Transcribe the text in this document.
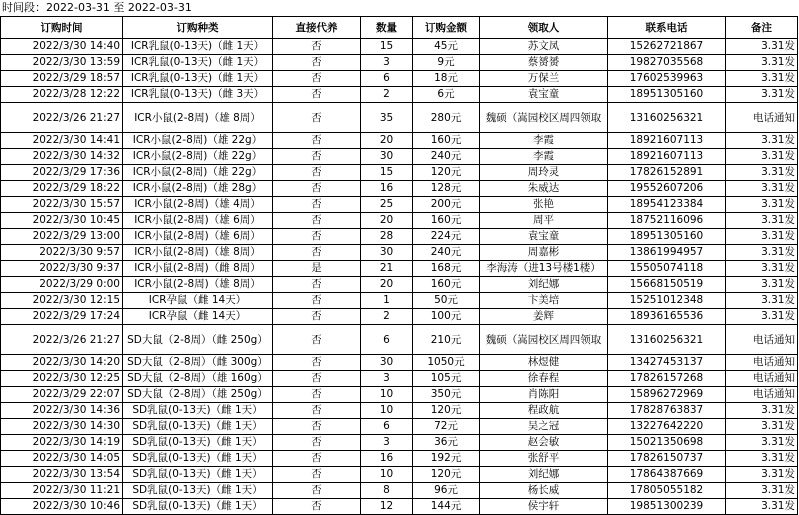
时间段：2022-03-31 至 2022-03-31
订购时间	订购种类	直接代养	数量	订购金额	领取人	联系电话	备注
2022/3/30 14:40	ICR乳鼠(0-13天)（雌 1天）	否	15	45元	苏文凤	15262721867	3.31发
2022/3/30 13:59	ICR乳鼠(0-13天)（雌 1天）	否	3	9元	蔡赟赟	19827035568	3.31发
2022/3/29 18:57	ICR乳鼠(0-13天)（雌 1天）	否	6	18元	万保兰	17602539963	3.31发
2022/3/28 12:22	ICR乳鼠(0-13天)（雌 3天）	否	2	6元	袁宝童	18951305160	3.31发
2022/3/26 21:27	ICR小鼠(2-8周)（雄 8周）	否	35	280元	魏硕（嵩园校区周四领取	13160256321	电话通知
2022/3/30 14:41	ICR小鼠(2-8周)（雄 22g）	否	20	160元	李霞	18921607113	3.31发
2022/3/30 14:32	ICR小鼠(2-8周)（雄 22g）	否	30	240元	李霞	18921607113	3.31发
2022/3/29 17:36	ICR小鼠(2-8周)（雄 22g）	否	15	120元	周玲灵	17826152891	3.31发
2022/3/29 18:22	ICR小鼠(2-8周)（雄 28g）	否	16	128元	朱威达	19552607206	3.31发
2022/3/30 15:57	ICR小鼠(2-8周)（雄 4周）	否	25	200元	张艳	18954123384	3.31发
2022/3/30 10:45	ICR小鼠(2-8周)（雄 6周）	否	20	160元	周平	18752116096	3.31发
2022/3/29 13:00	ICR小鼠(2-8周)（雄 6周）	否	28	224元	袁宝童	18951305160	3.31发
2022/3/30 9:57	ICR小鼠(2-8周)（雄 8周）	否	30	240元	周嘉彬	13861994957	3.31发
2022/3/30 9:37	ICR小鼠(2-8周)（雌 8周）	是	21	168元	李海涛（进13号楼1楼）	15505074118	3.31发
2022/3/29 0:00	ICR小鼠(2-8周)（雄 8周）	否	20	160元	刘纪娜	15668150519	3.31发
2022/3/30 12:15	ICR孕鼠（雌 14天）	否	1	50元	卞美培	15251012348	3.31发
2022/3/29 17:24	ICR孕鼠（雌 14天）	否	2	100元	姜辉	18936165536	3.31发
2022/3/26 21:27	SD大鼠（2-8周）（雌 250g）	否	6	210元	魏硕（嵩园校区周四领取	13160256321	电话通知
2022/3/30 14:20	SD大鼠（2-8周）（雌 300g）	否	30	1050元	林煜健	13427453137	电话通知
2022/3/30 12:25	SD大鼠（2-8周）（雄 160g）	否	3	105元	徐春程	17826157268	电话通知
2022/3/29 22:07	SD大鼠（2-8周）（雄 250g）	否	10	350元	肖陈阳	15896272969	电话通知
2022/3/30 14:36	SD乳鼠(0-13天)（雌 1天）	否	10	120元	程政航	17828763837	3.31发
2022/3/30 14:30	SD乳鼠(0-13天)（雌 1天）	否	6	72元	吴之冠	13227642220	3.31发
2022/3/30 14:19	SD乳鼠(0-13天)（雌 1天）	否	3	36元	赵会敏	15021350698	3.31发
2022/3/30 14:05	SD乳鼠(0-13天)（雌 1天）	否	16	192元	张舒平	17826150737	3.31发
2022/3/30 13:54	SD乳鼠(0-13天)（雌 1天）	否	10	120元	刘纪娜	17864387669	3.31发
2022/3/30 11:21	SD乳鼠(0-13天)（雌 1天）	否	8	96元	杨长威	17805055182	3.31发
2022/3/30 10:46	SD乳鼠(0-13天)（雌 1天）	否	12	144元	侯宇轩	19851300239	3.31发
